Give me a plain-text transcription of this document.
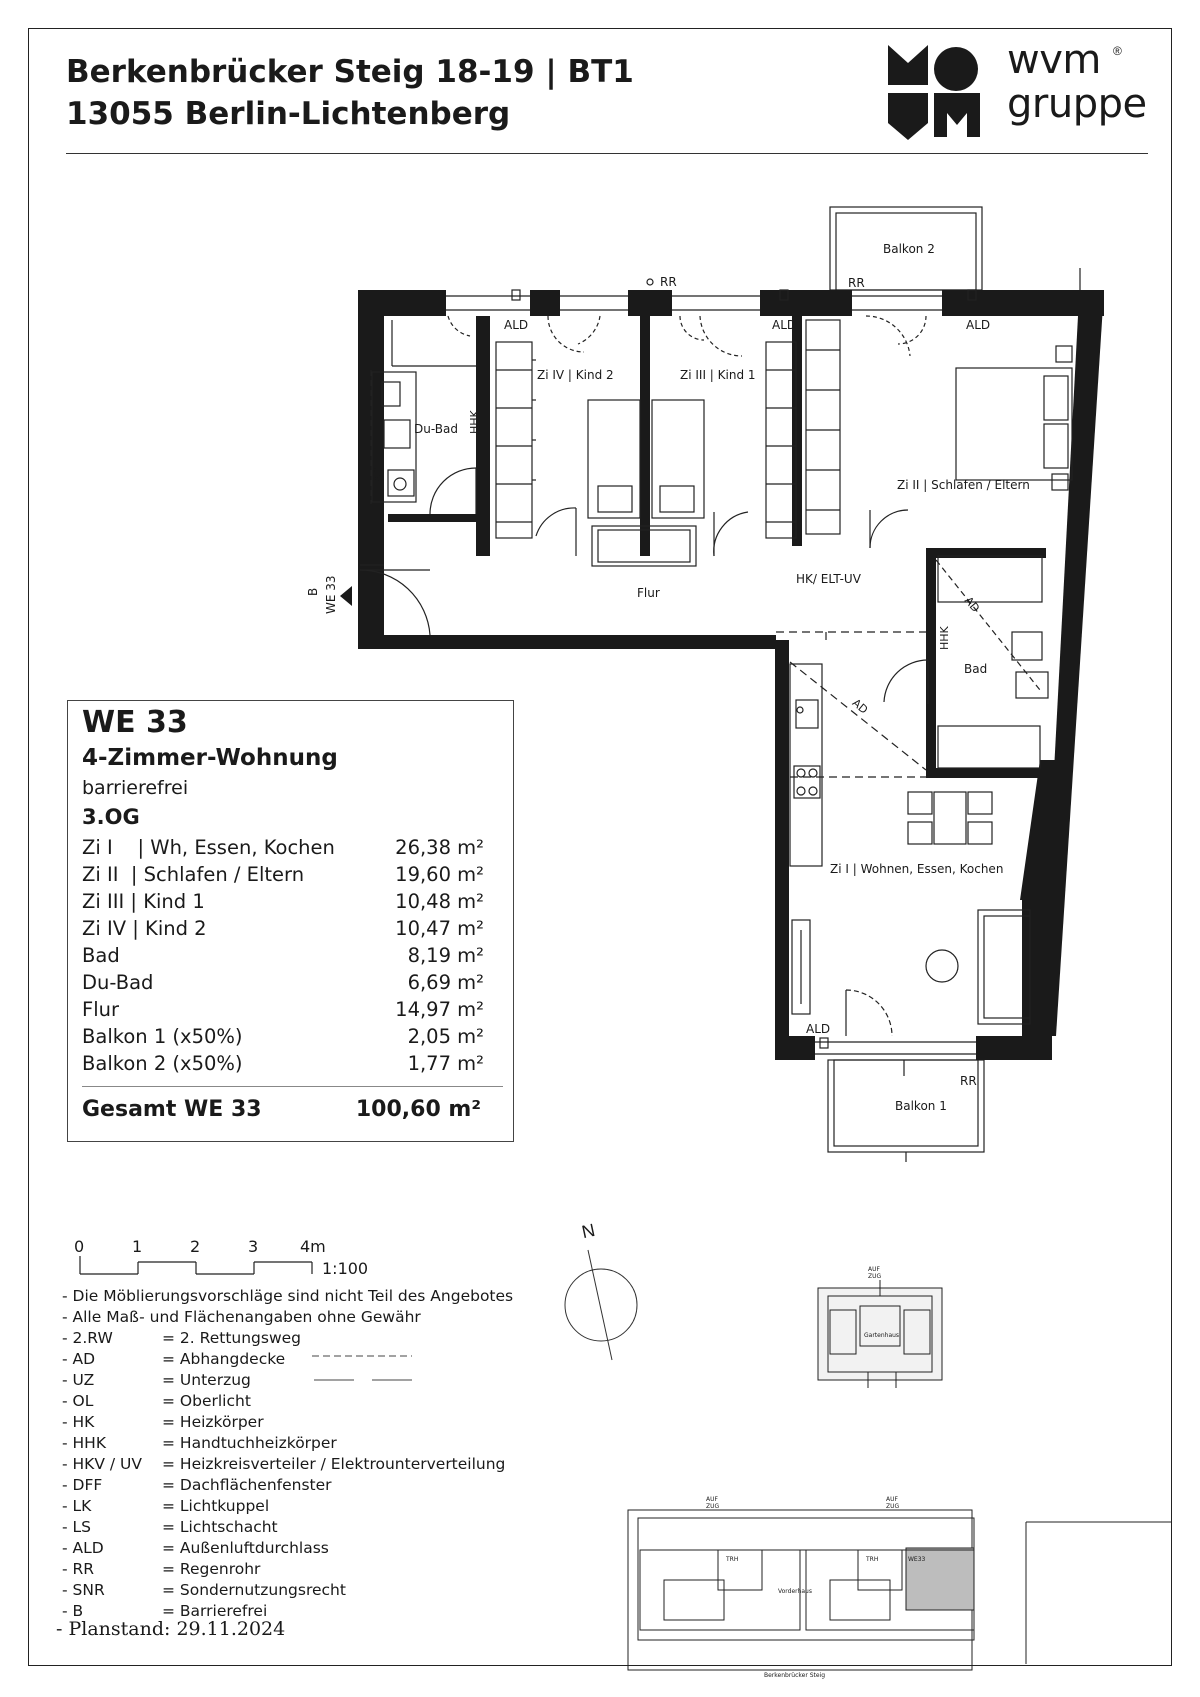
Berkenbrücker Steig 18-19 | BT1
13055 Berlin-Lichtenberg
wvm
gruppe
®
Balkon 2
Balkon 1
RR	RR
RR
ALD	ALD	ALD
ALD
Zi IV | Kind 2	Zi III | Kind 1
Zi II | Schlafen / Eltern
Zi I | Wohnen, Essen, Kochen
Du-Bad
Bad
Flur
HK/ ELT-UV
HHK
HHK
AD
AD
AD
B WE 33
WE 33
4-Zimmer-Wohnung
barrierefrei
3.OG
Zi I    | Wh, Essen, Kochen	26,38 m²
Zi II  | Schlafen / Eltern	19,60 m²
Zi III | Kind 1	10,48 m²
Zi IV | Kind 2	10,47 m²
Bad	8,19 m²
Du-Bad	6,69 m²
Flur	14,97 m²
Balkon 1 (x50%)	2,05 m²
Balkon 2 (x50%)	1,77 m²
Gesamt WE 33	100,60 m²
0	1	2	3	4m
1:100
- Die Möblierungsvorschläge sind nicht Teil des Angebotes
- Alle Maß- und Flächenangaben ohne Gewähr
- 2.RW	= 2. Rettungsweg
- AD	= Abhangdecke
- UZ	= Unterzug
- OL	= Oberlicht
- HK	= Heizkörper
- HHK	= Handtuchheizkörper
- HKV / UV = Heizkreisverteiler / Elektrounterverteilung
- DFF	= Dachflächenfenster
- LK	= Lichtkuppel
- LS	= Lichtschacht
- ALD	= Außenluftdurchlass
- RR	= Regenrohr
- SNR	= Sondernutzungsrecht
- B	= Barrierefrei
- Planstand: 29.11.2024
N
AUF
ZUG
Gartenhaus
AUF
ZUG
AUF
ZUG
TRH	TRH	WE33
Vorderhaus
Berkenbrücker Steig
